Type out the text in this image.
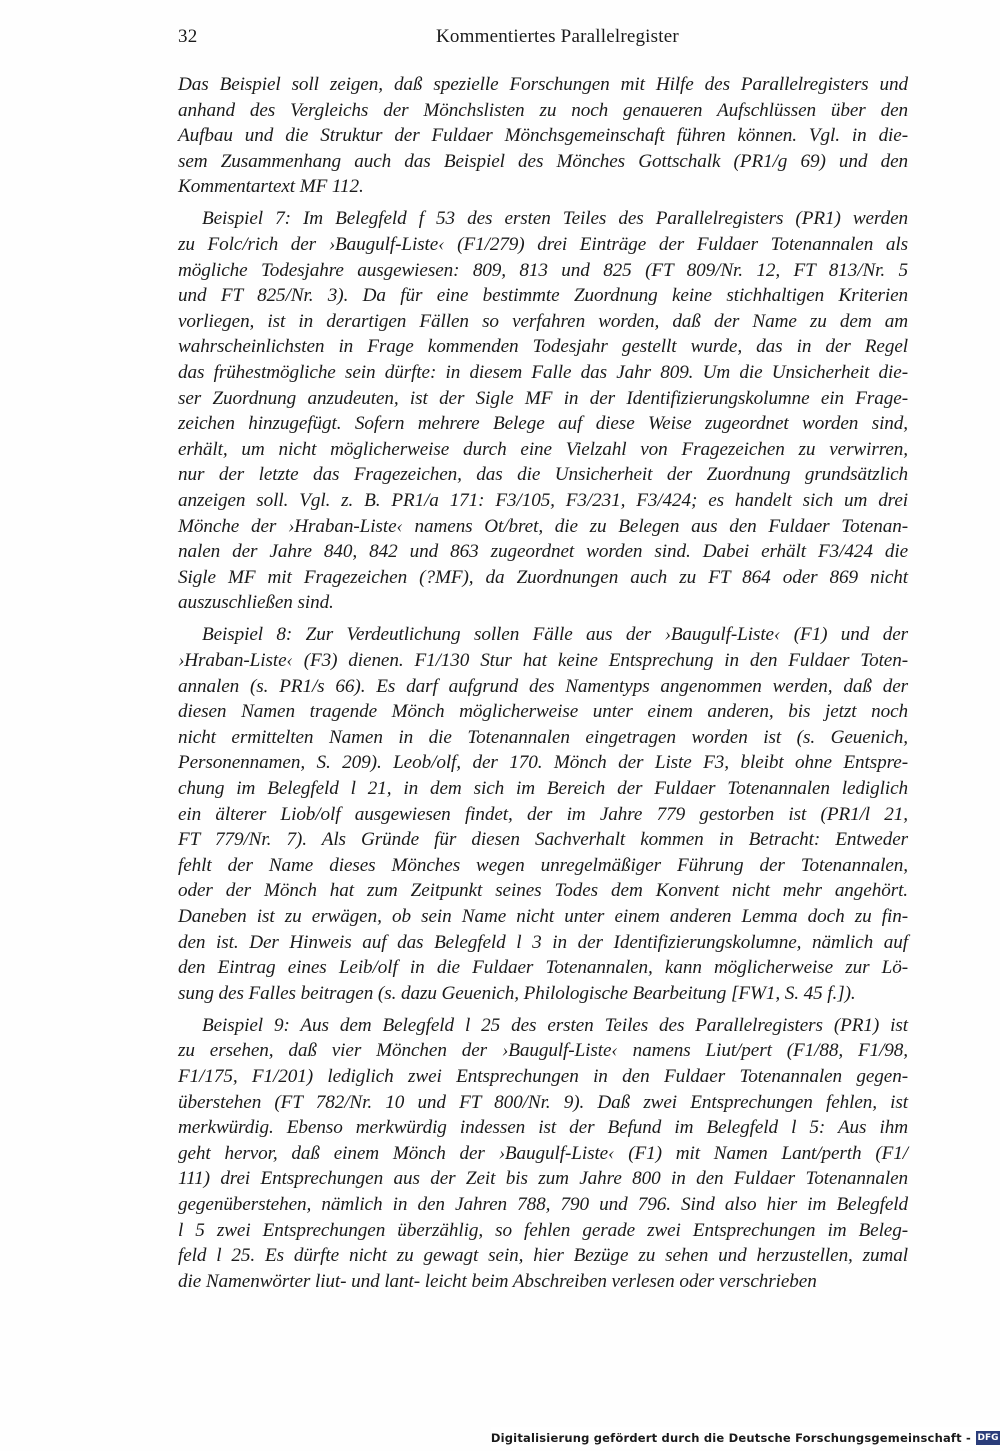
32	Kommentiertes Parallelregister
Das Beispiel soll zeigen, daß spezielle Forschungen mit Hilfe des Parallelregisters und
anhand des Vergleichs der Mönchslisten zu noch genaueren Aufschlüssen über den
Aufbau und die Struktur der Fuldaer Mönchsgemeinschaft führen können. Vgl. in die-
sem Zusammenhang auch das Beispiel des Mönches Gottschalk (PR1/g 69) und den
Kommentartext MF 112.
Beispiel 7: Im Belegfeld f 53 des ersten Teiles des Parallelregisters (PR1) werden
zu Folc/rich der ›Baugulf-Liste‹ (F1/279) drei Einträge der Fuldaer Totenannalen als
mögliche Todesjahre ausgewiesen: 809, 813 und 825 (FT 809/Nr. 12, FT 813/Nr. 5
und FT 825/Nr. 3). Da für eine bestimmte Zuordnung keine stichhaltigen Kriterien
vorliegen, ist in derartigen Fällen so verfahren worden, daß der Name zu dem am
wahrscheinlichsten in Frage kommenden Todesjahr gestellt wurde, das in der Regel
das frühestmögliche sein dürfte: in diesem Falle das Jahr 809. Um die Unsicherheit die-
ser Zuordnung anzudeuten, ist der Sigle MF in der Identifizierungskolumne ein Frage-
zeichen hinzugefügt. Sofern mehrere Belege auf diese Weise zugeordnet worden sind,
erhält, um nicht möglicherweise durch eine Vielzahl von Fragezeichen zu verwirren,
nur der letzte das Fragezeichen, das die Unsicherheit der Zuordnung grundsätzlich
anzeigen soll. Vgl. z. B. PR1/a 171: F3/105, F3/231, F3/424; es handelt sich um drei
Mönche der ›Hraban-Liste‹ namens Ot/bret, die zu Belegen aus den Fuldaer Totenan-
nalen der Jahre 840, 842 und 863 zugeordnet worden sind. Dabei erhält F3/424 die
Sigle MF mit Fragezeichen (?MF), da Zuordnungen auch zu FT 864 oder 869 nicht
auszuschließen sind.
Beispiel 8: Zur Verdeutlichung sollen Fälle aus der ›Baugulf-Liste‹ (F1) und der
›Hraban-Liste‹ (F3) dienen. F1/130 Stur hat keine Entsprechung in den Fuldaer Toten-
annalen (s. PR1/s 66). Es darf aufgrund des Namentyps angenommen werden, daß der
diesen Namen tragende Mönch möglicherweise unter einem anderen, bis jetzt noch
nicht ermittelten Namen in die Totenannalen eingetragen worden ist (s. Geuenich,
Personennamen, S. 209). Leob/olf, der 170. Mönch der Liste F3, bleibt ohne Entspre-
chung im Belegfeld l 21, in dem sich im Bereich der Fuldaer Totenannalen lediglich
ein älterer Liob/olf ausgewiesen findet, der im Jahre 779 gestorben ist (PR1/l 21,
FT 779/Nr. 7). Als Gründe für diesen Sachverhalt kommen in Betracht: Entweder
fehlt der Name dieses Mönches wegen unregelmäßiger Führung der Totenannalen,
oder der Mönch hat zum Zeitpunkt seines Todes dem Konvent nicht mehr angehört.
Daneben ist zu erwägen, ob sein Name nicht unter einem anderen Lemma doch zu fin-
den ist. Der Hinweis auf das Belegfeld l 3 in der Identifizierungskolumne, nämlich auf
den Eintrag eines Leib/olf in die Fuldaer Totenannalen, kann möglicherweise zur Lö-
sung des Falles beitragen (s. dazu Geuenich, Philologische Bearbeitung [FW1, S. 45 f.]).
Beispiel 9: Aus dem Belegfeld l 25 des ersten Teiles des Parallelregisters (PR1) ist
zu ersehen, daß vier Mönchen der ›Baugulf-Liste‹ namens Liut/pert (F1/88, F1/98,
F1/175, F1/201) lediglich zwei Entsprechungen in den Fuldaer Totenannalen gegen-
überstehen (FT 782/Nr. 10 und FT 800/Nr. 9). Daß zwei Entsprechungen fehlen, ist
merkwürdig. Ebenso merkwürdig indessen ist der Befund im Belegfeld l 5: Aus ihm
geht hervor, daß einem Mönch der ›Baugulf-Liste‹ (F1) mit Namen Lant/perth (F1/
111) drei Entsprechungen aus der Zeit bis zum Jahre 800 in den Fuldaer Totenannalen
gegenüberstehen, nämlich in den Jahren 788, 790 und 796. Sind also hier im Belegfeld
l 5 zwei Entsprechungen überzählig, so fehlen gerade zwei Entsprechungen im Beleg-
feld l 25. Es dürfte nicht zu gewagt sein, hier Bezüge zu sehen und herzustellen, zumal
die Namenwörter liut- und lant- leicht beim Abschreiben verlesen oder verschrieben
Digitalisierung gefördert durch die Deutsche Forschungsgemeinschaft - DFG
